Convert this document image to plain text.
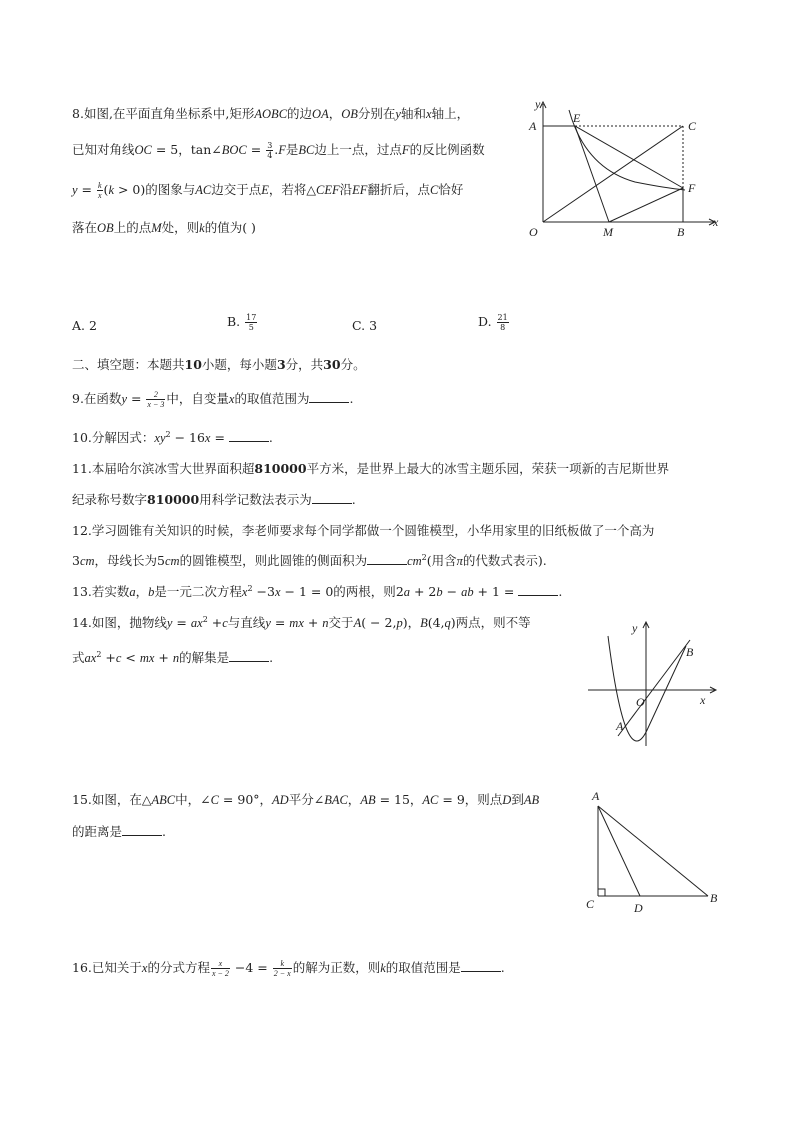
8.如图,在平面直角坐标系中,矩形AOBC的边OA，OB分别在y轴和x轴上，
已知对角线OC = 5，tan∠BOC = $\frac{3}{4} .F$是BC边上一点，过点F的反比例函数
$y = \frac{k}{x} (k > 0)$的图象与AC边交于点E，若将△CEF沿EF翻折后，点C恰好
落在OB上的点M处，则k的值为( )
y
A
E
C
F
O	M	B
x
A. 2	B. $\frac{17}{5}$	C. 3	D. $\frac{21}{8}$
二、填空题：本题共10小题，每小题3分，共30分。
9.在函数$y = \frac{2}{x - 3}$ 中，自变量x的取值范围为	.
10.分解因式：$xy^2 - 16x$ =	.
11.本届哈尔滨冰雪大世界面积超810000平方米，是世界上最大的冰雪主题乐园，荣获一项新的吉尼斯世界
纪录称号数字810000用科学记数法表示为	.
12.学习圆锥有关知识的时候，李老师要求每个同学都做一个圆锥模型，小华用家里的旧纸板做了一个高为
3cm，母线长为5cm的圆锥模型，则此圆锥的侧面积为	$cm^2$(用含π的代数式表示).
13.若实数a，b是一元二次方程$x^2 -3x - 1 = 0$的两根，则2a + 2b − ab + 1 =	.
14.如图，抛物线$y = ax^2 +c$与直线y = mx + n交于A( − 2,p)，B(4,q)两点，则不等
式$ax^2 +c$ < mx + n的解集是	.
y
B
O	x
A
15.如图，在△ABC中，∠C = 90°，AD平分∠BAC，AB = 15，AC = 9，则点D到AB
的距离是	.
A
C	D
B
16.已知关于x的分式方程 $\frac{x}{x - 2} -4 = \frac{k}{2 - x}$ 的解为正数，则k的取值范围是	.
